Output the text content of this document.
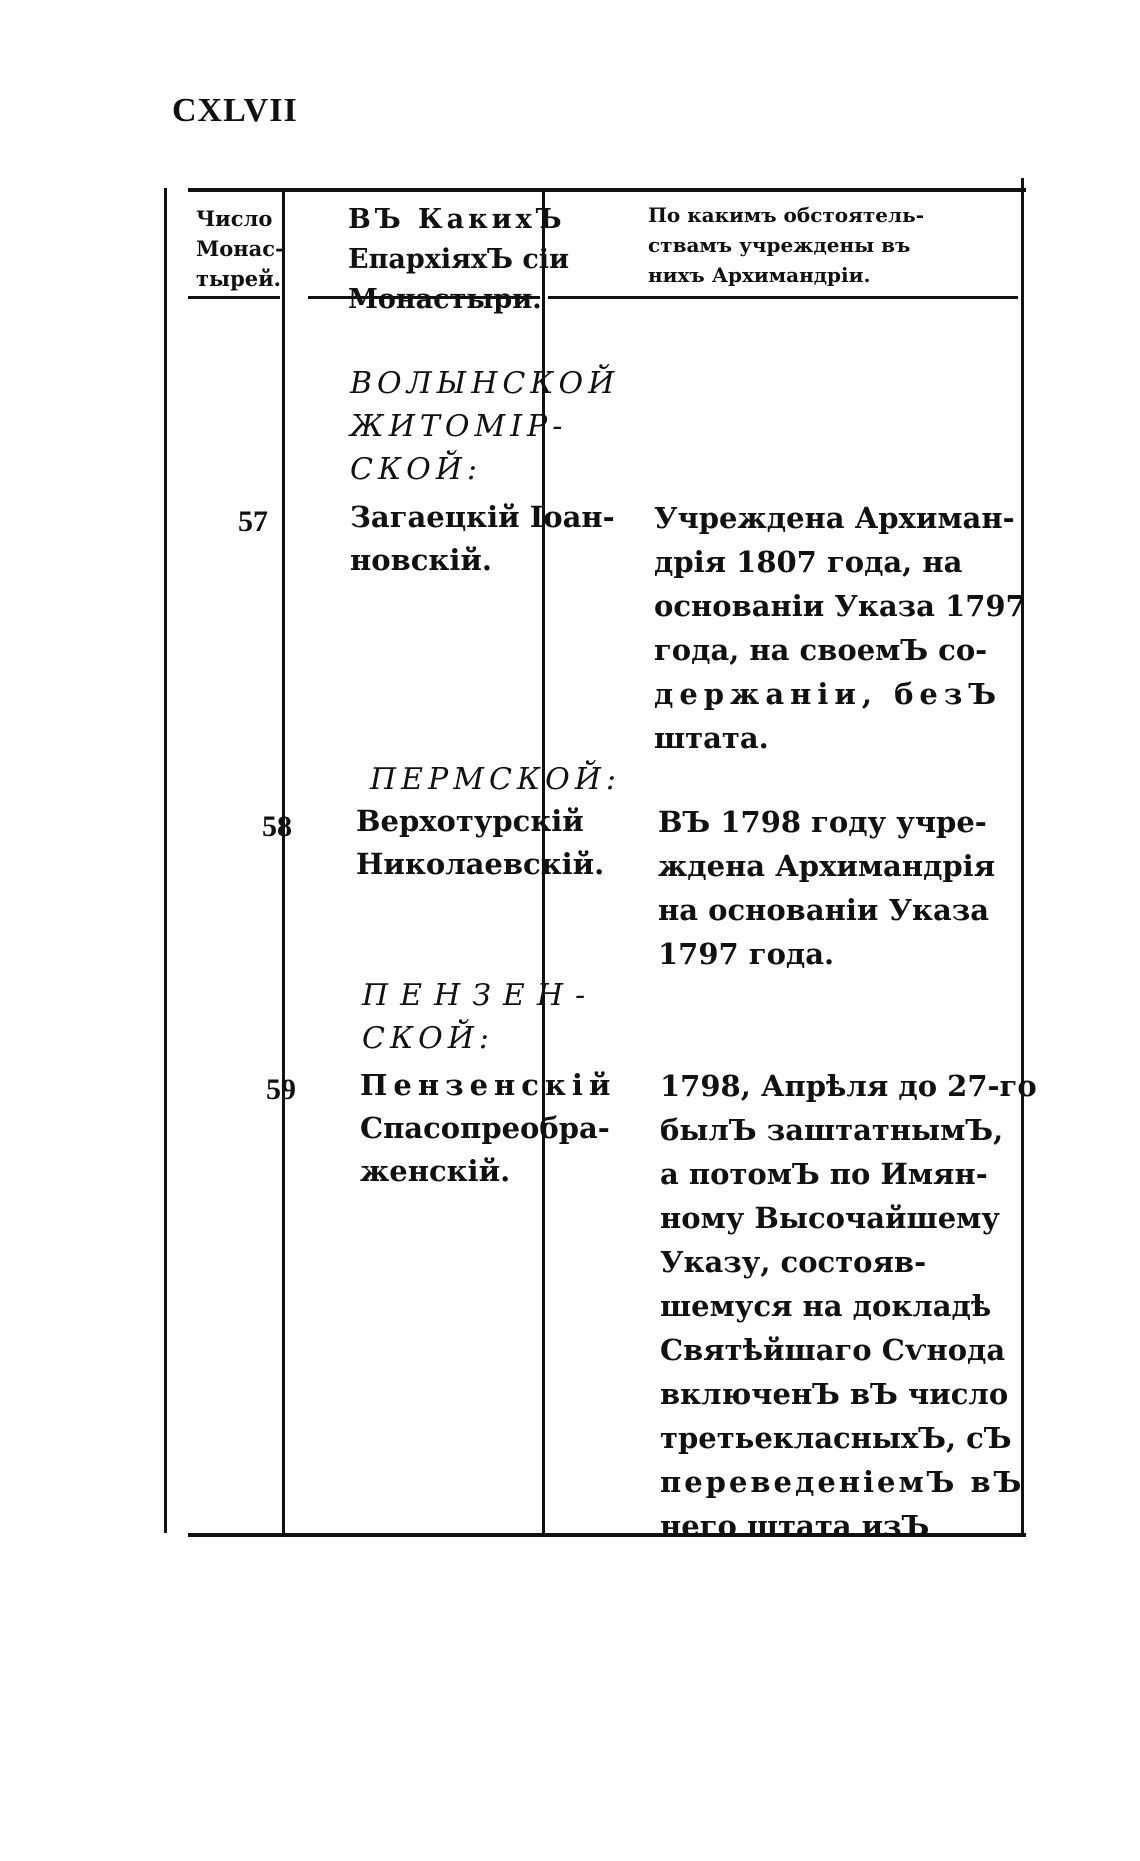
CXLVII
Число
Монас-
тырей.
ВЪ КакихЪ
ЕпархіяхЪ сіи
Монастыри.
По какимъ обстоятель-
ствамъ учреждены въ
нихъ Архимандріи.
ВОЛЫНСКОЙ
ЖИТОМІР-
СКОЙ:
57	Загаецкій Іоан-
новскій.
Учреждена Архиман-
дрія 1807 года, на
основаніи Указа 1797
года, на своемЪ со-
держаніи, безЪ
штата.
ПЕРМСКОЙ:
58 Верхотурскій
Николаевскій.
ВЪ 1798 году учре-
ждена Архимандрія
на основаніи Указа
1797 года.
ПЕНЗЕН-
СКОЙ:
59 Пензенскій
Спасопреобра-
женскій.
1798, Апрѣля до 27-го
былЪ заштатнымЪ,
а потомЪ по Имян-
ному Высочайшему
Указу, состояв-
шемуся на докладѣ
Святѣйшаго Сѵнода
включенЪ вЪ число
третьекласныхЪ, сЪ
переведеніемЪ вЪ
него штата изЪ
